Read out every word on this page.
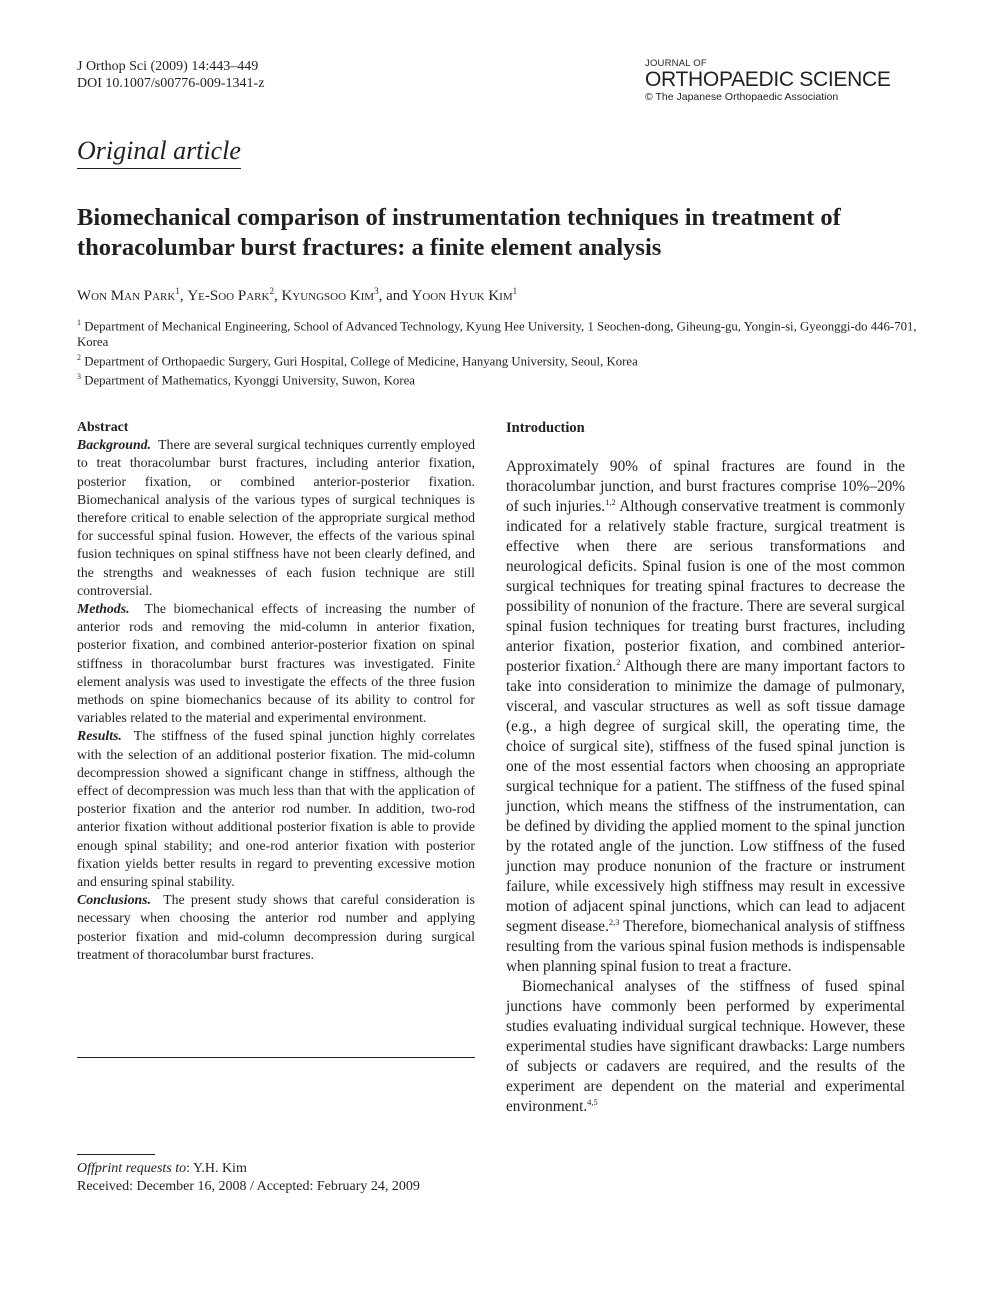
J Orthop Sci (2009) 14:443–449
DOI 10.1007/s00776-009-1341-z
JOURNAL OF
ORTHOPAEDIC SCIENCE
© The Japanese Orthopaedic Association
Original article
Biomechanical comparison of instrumentation techniques in treatment of thoracolumbar burst fractures: a finite element analysis
Won Man Park$^1$, Ye-Soo Park$^2$, Kyungsoo Kim$^3$, and Yoon Hyuk Kim$^1$

$^1$ Department of Mechanical Engineering, School of Advanced Technology, Kyung Hee University, 1 Seochen-dong, Giheung-gu, Yongin-si, Gyeonggi-do 446-701, Korea

$^2$ Department of Orthopaedic Surgery, Guri Hospital, College of Medicine, Hanyang University, Seoul, Korea

$^3$ Department of Mathematics, Kyonggi University, Suwon, Korea

Abstract

Background. There are several surgical techniques currently employed to treat thoracolumbar burst fractures, including anterior fixation, posterior fixation, or combined anterior-posterior fixation. Biomechanical analysis of the various types of surgical techniques is therefore critical to enable selection of the appropriate surgical method for successful spinal fusion. However, the effects of the various spinal fusion techniques on spinal stiffness have not been clearly defined, and the strengths and weaknesses of each fusion technique are still controversial.

Methods. The biomechanical effects of increasing the number of anterior rods and removing the mid-column in anterior fixation, posterior fixation, and combined anterior-posterior fixation on spinal stiffness in thoracolumbar burst fractures was investigated. Finite element analysis was used to investigate the effects of the three fusion methods on spine biomechanics because of its ability to control for variables related to the material and experimental environment.

Results. The stiffness of the fused spinal junction highly correlates with the selection of an additional posterior fixation. The mid-column decompression showed a significant change in stiffness, although the effect of decompression was much less than that with the application of posterior fixation and the anterior rod number. In addition, two-rod anterior fixation without additional posterior fixation is able to provide enough spinal stability; and one-rod anterior fixation with posterior fixation yields better results in regard to preventing excessive motion and ensuring spinal stability.

Conclusions. The present study shows that careful consideration is necessary when choosing the anterior rod number and applying posterior fixation and mid-column decompression during surgical treatment of thoracolumbar burst fractures.

Offprint requests to: Y.H. Kim
Received: December 16, 2008 / Accepted: February 24, 2009

Introduction

Approximately 90% of spinal fractures are found in the thoracolumbar junction, and burst fractures comprise 10%–20% of such injuries.$^{1,2}$ Although conservative treatment is commonly indicated for a relatively stable fracture, surgical treatment is effective when there are serious transformations and neurological deficits. Spinal fusion is one of the most common surgical techniques for treating spinal fractures to decrease the possibility of nonunion of the fracture. There are several surgical spinal fusion techniques for treating burst fractures, including anterior fixation, posterior fixation, and combined anterior-posterior fixation.$^2$ Although there are many important factors to take into consideration to minimize the damage of pulmonary, visceral, and vascular structures as well as soft tissue damage (e.g., a high degree of surgical skill, the operating time, the choice of surgical site), stiffness of the fused spinal junction is one of the most essential factors when choosing an appropriate surgical technique for a patient. The stiffness of the fused spinal junction, which means the stiffness of the instrumentation, can be defined by dividing the applied moment to the spinal junction by the rotated angle of the junction. Low stiffness of the fused junction may produce nonunion of the fracture or instrument failure, while excessively high stiffness may result in excessive motion of adjacent spinal junctions, which can lead to adjacent segment disease.$^{2,3}$ Therefore, biomechanical analysis of stiffness resulting from the various spinal fusion methods is indispensable when planning spinal fusion to treat a fracture.

Biomechanical analyses of the stiffness of fused spinal junctions have commonly been performed by experimental studies evaluating individual surgical technique. However, these experimental studies have significant drawbacks: Large numbers of subjects or cadavers are required, and the results of the experiment are dependent on the material and experimental environment.$^{4,5}$
